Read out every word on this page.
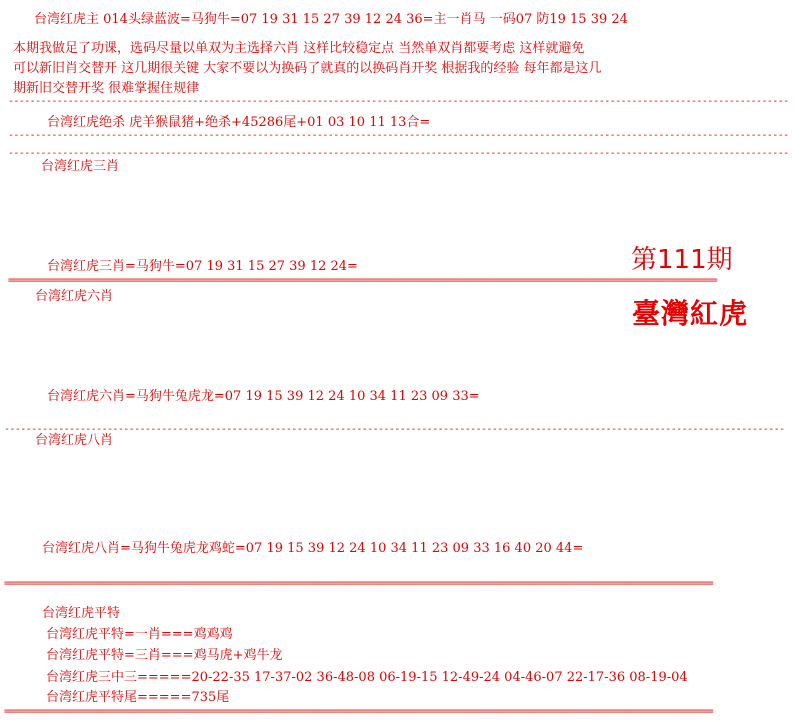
台湾红虎主 014头绿蓝波=马狗牛=07 19 31 15 27 39 12 24 36=主一肖马 一码07 防19 15 39 24
本期我做足了功课，选码尽量以单双为主选择六肖 这样比较稳定点 当然单双肖都要考虑 这样就避免
可以新旧肖交替开 这几期很关键 大家不要以为换码了就真的以换码肖开奖 根据我的经验 每年都是这几
期新旧交替开奖 很难掌握住规律
------------------------------------------------------------------------------------------------------------------------------------------------
台湾红虎绝杀 虎羊猴鼠猪+绝杀+45286尾+01 03 10 11 13合=
------------------------------------------------------------------------------------------------------------------------------------------------
------------------------------------------------------------------------------------------------------------------------------------------------
台湾红虎三肖
台湾红虎三肖=马狗牛=07 19 31 15 27 39 12 24=
================================================================================================================================================
台湾红虎六肖
第111期
臺灣紅虎
台湾红虎六肖=马狗牛兔虎龙=07 19 15 39 12 24 10 34 11 23 09 33=
------------------------------------------------------------------------------------------------------------------------------------------------
台湾红虎八肖
台湾红虎八肖=马狗牛兔虎龙鸡蛇=07 19 15 39 12 24 10 34 11 23 09 33 16 40 20 44=
================================================================================================================================================
台湾红虎平特
台湾红虎平特=一肖===鸡鸡鸡
台湾红虎平特=三肖===鸡马虎+鸡牛龙
台湾红虎三中三=====20-22-35 17-37-02 36-48-08 06-19-15 12-49-24 04-46-07 22-17-36 08-19-04
台湾红虎平特尾=====735尾
================================================================================================================================================
